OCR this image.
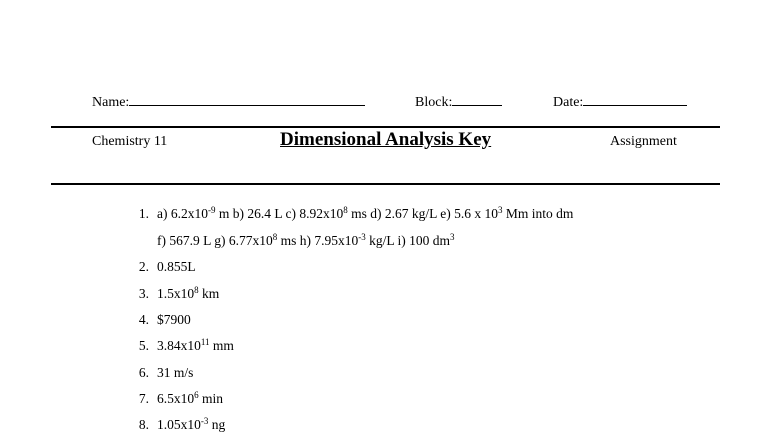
Name:	Block:	Date:
Chemistry 11	Dimensional Analysis Key	Assignment
1. a) $6.2x10^{-9}$ m b) 26.4 L c) $8.92x10^8$ ms d) 2.67 kg/L e) 5.6 x $10^3$ Mm into dm
f) 567.9 L g) $6.77x10^8$ ms h) $7.95x10^{-3}$ kg/L i) 100 $dm^3$
2. 0.855L
3. $1.5x10^8$ km
4. $7900
5. $3.84x10^{11}$ mm
6. 31 m/s
7. $6.5x10^6$ min
8. $1.05x10^{-3}$ ng
